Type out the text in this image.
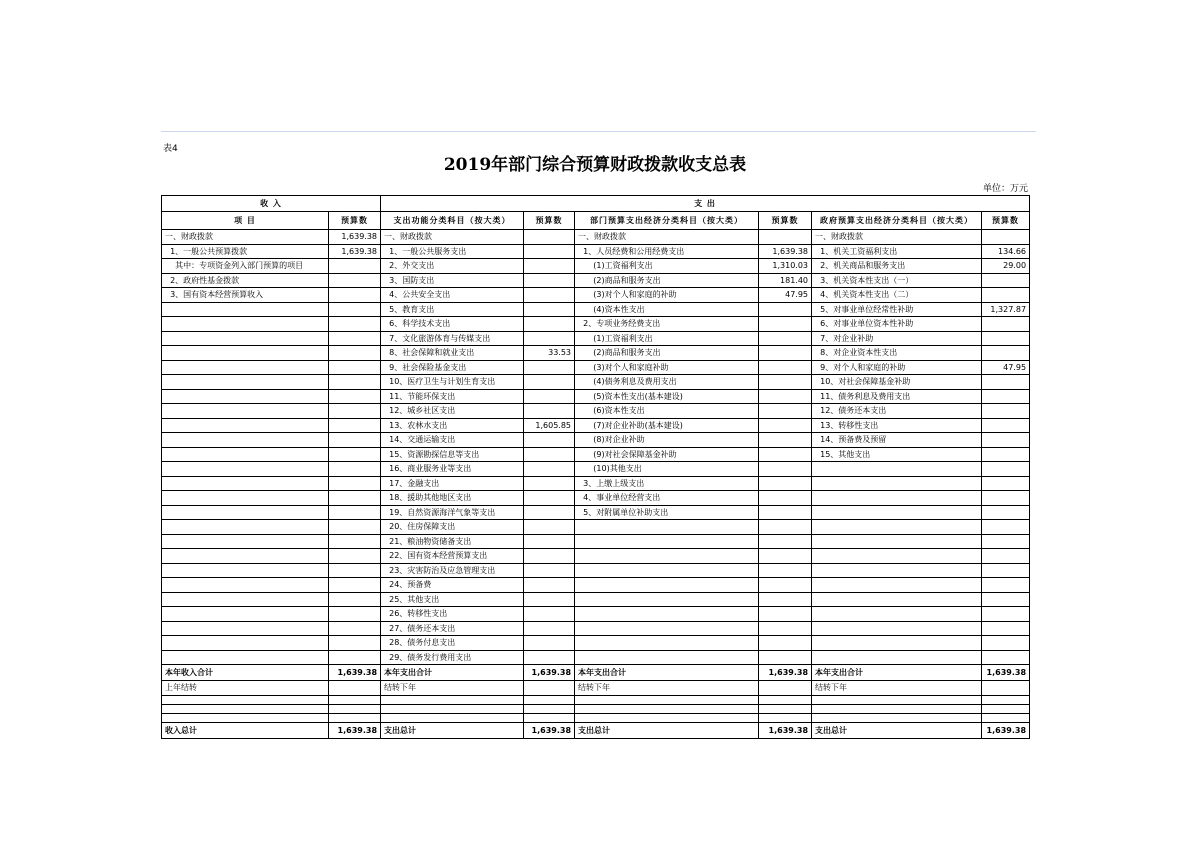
表4
2019年部门综合预算财政拨款收支总表
单位：万元
收 入		支 出					
项 目	预算数	支出功能分类科目（按大类）	预算数	部门预算支出经济分类科目（按大类）	预算数	政府预算支出经济分类科目（按大类）	预算数
一、财政拨款	1,639.38	一、财政拨款		一、财政拨款		一、财政拨款	
1、一般公共预算拨款	1,639.38	1、一般公共服务支出		1、人员经费和公用经费支出	1,639.38	1、机关工资福利支出	134.66
其中：专项资金列入部门预算的项目		2、外交支出		(1)工资福利支出	1,310.03	2、机关商品和服务支出	29.00
2、政府性基金拨款		3、国防支出		(2)商品和服务支出	181.40	3、机关资本性支出（一）	
3、国有资本经营预算收入		4、公共安全支出		(3)对个人和家庭的补助	47.95	4、机关资本性支出（二）	
		5、教育支出		(4)资本性支出		5、对事业单位经常性补助	1,327.87
		6、科学技术支出		2、专项业务经费支出		6、对事业单位资本性补助	
		7、文化旅游体育与传媒支出		(1)工资福利支出		7、对企业补助	
		8、社会保障和就业支出	33.53	(2)商品和服务支出		8、对企业资本性支出	
		9、社会保险基金支出		(3)对个人和家庭补助		9、对个人和家庭的补助	47.95
		10、医疗卫生与计划生育支出		(4)债务利息及费用支出		10、对社会保障基金补助	
		11、节能环保支出		(5)资本性支出(基本建设)		11、债务利息及费用支出	
		12、城乡社区支出		(6)资本性支出		12、债务还本支出	
		13、农林水支出	1,605.85	(7)对企业补助(基本建设)		13、转移性支出	
		14、交通运输支出		(8)对企业补助		14、预备费及预留	
		15、资源勘探信息等支出		(9)对社会保障基金补助		15、其他支出	
		16、商业服务业等支出		(10)其他支出			
		17、金融支出		3、上缴上级支出			
		18、援助其他地区支出		4、事业单位经营支出			
		19、自然资源海洋气象等支出		5、对附属单位补助支出			
		20、住房保障支出					
		21、粮油物资储备支出					
		22、国有资本经营预算支出					
		23、灾害防治及应急管理支出					
		24、预备费					
		25、其他支出					
		26、转移性支出					
		27、债务还本支出					
		28、债务付息支出					
		29、债务发行费用支出					
本年收入合计	1,639.38	本年支出合计	1,639.38	本年支出合计	1,639.38	本年支出合计	1,639.38
上年结转		结转下年		结转下年		结转下年	

收入总计	1,639.38	支出总计	1,639.38	支出总计	1,639.38	支出总计	1,639.38
